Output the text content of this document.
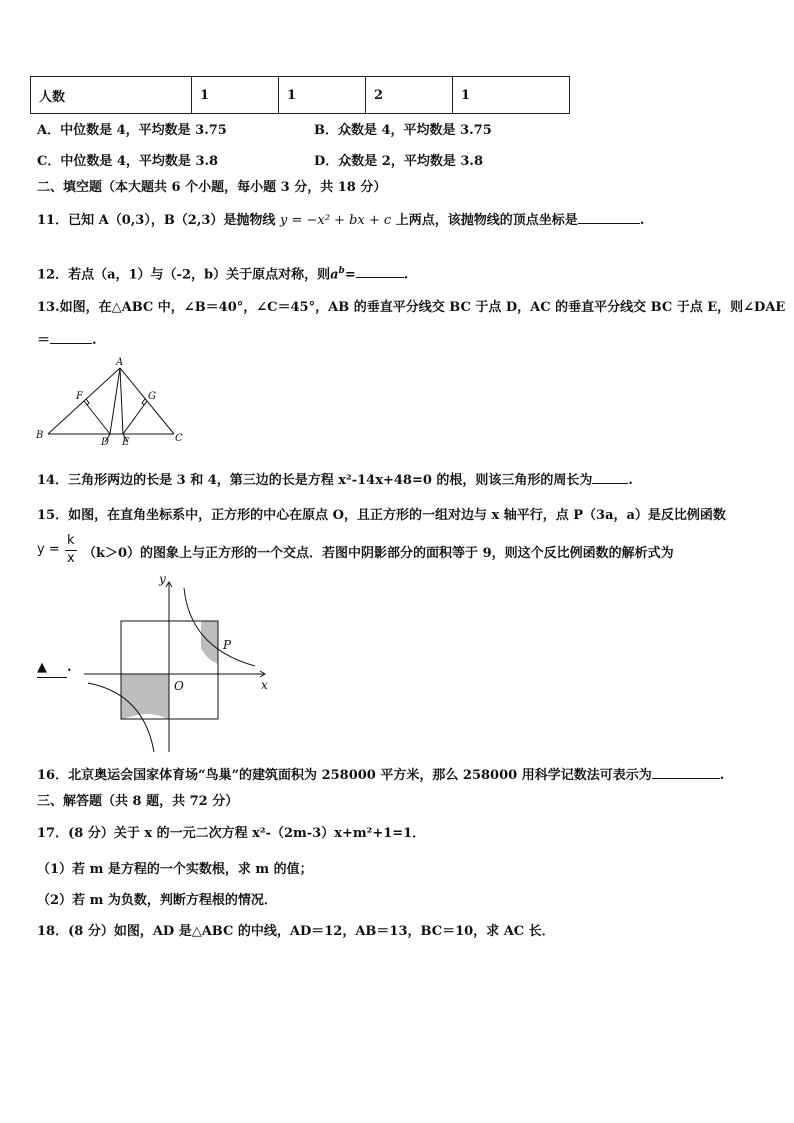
人数	1	1	2	1
A．中位数是 4，平均数是 3.75	B．众数是 4，平均数是 3.75
C．中位数是 4，平均数是 3.8	D．众数是 2，平均数是 3.8
二、填空题（本大题共 6 个小题，每小题 3 分，共 18 分）
11．已知 A（0,3），B（2,3）是抛物线 y = −x² + bx + c 上两点，该抛物线的顶点坐标是	.
12．若点（a，1）与（-2，b）关于原点对称，则$a^b=$	.
13.如图，在△ABC 中，∠B＝40°，∠C＝45°，AB 的垂直平分线交 BC 于点 D，AC 的垂直平分线交 BC 于点 E，则∠DAE
＝	.
A
B	C
D E
F	G
14．三角形两边的长是 3 和 4，第三边的长是方程 x²-14x+48=0 的根，则该三角形的周长为	.
15．如图，在直角坐标系中，正方形的中心在原点 O，且正方形的一组对边与 x 轴平行，点 P（3a，a）是反比例函数
y =
k
x （k＞0）的图象上与正方形的一个交点．若图中阴影部分的面积等于 9，则这个反比例函数的解析式为
▲ .
y
x
O
P
16．北京奥运会国家体育场“鸟巢”的建筑面积为 258000 平方米，那么 258000 用科学记数法可表示为	.
三、解答题（共 8 题，共 72 分）
17．(8 分）关于 x 的一元二次方程 x²-（2m-3）x+m²+1=1．
（1）若 m 是方程的一个实数根，求 m 的值；
（2）若 m 为负数，判断方程根的情况．
18．(8 分）如图，AD 是△ABC 的中线，AD＝12，AB＝13，BC＝10，求 AC 长．
